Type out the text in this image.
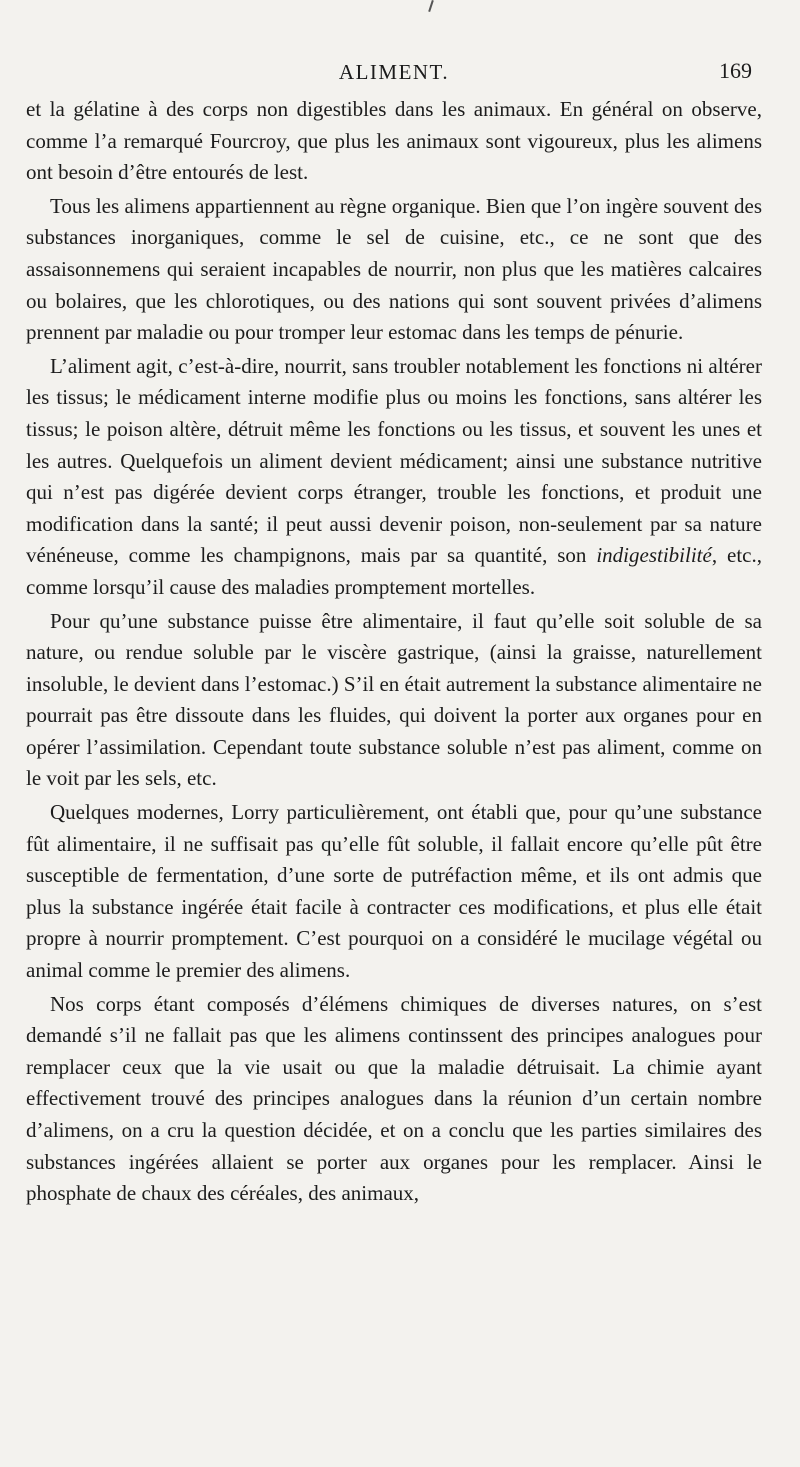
ALIMENT.	169

et la gélatine à des corps non digestibles dans les animaux. En général on observe, comme l’a remarqué Fourcroy, que plus les animaux sont vigoureux, plus les alimens ont besoin d’être entourés de lest.

Tous les alimens appartiennent au règne organique. Bien que l’on ingère souvent des substances inorganiques, comme le sel de cuisine, etc., ce ne sont que des assaisonnemens qui seraient incapables de nourrir, non plus que les matières calcaires ou bolaires, que les chlorotiques, ou des nations qui sont souvent privées d’alimens prennent par maladie ou pour tromper leur estomac dans les temps de pénurie.

L’aliment agit, c’est-à-dire, nourrit, sans troubler notablement les fonctions ni altérer les tissus; le médicament interne modifie plus ou moins les fonctions, sans altérer les tissus; le poison altère, détruit même les fonctions ou les tissus, et souvent les unes et les autres. Quelquefois un aliment devient médicament; ainsi une substance nutritive qui n’est pas digérée devient corps étranger, trouble les fonctions, et produit une modification dans la santé; il peut aussi devenir poison, non-seulement par sa nature vénéneuse, comme les champignons, mais par sa quantité, son indigestibilité, etc., comme lorsqu’il cause des maladies promptement mortelles.

Pour qu’une substance puisse être alimentaire, il faut qu’elle soit soluble de sa nature, ou rendue soluble par le viscère gastrique, (ainsi la graisse, naturellement insoluble, le devient dans l’estomac.) S’il en était autrement la substance alimentaire ne pourrait pas être dissoute dans les fluides, qui doivent la porter aux organes pour en opérer l’assimilation. Cependant toute substance soluble n’est pas aliment, comme on le voit par les sels, etc.

Quelques modernes, Lorry particulièrement, ont établi que, pour qu’une substance fût alimentaire, il ne suffisait pas qu’elle fût soluble, il fallait encore qu’elle pût être susceptible de fermentation, d’une sorte de putréfaction même, et ils ont admis que plus la substance ingérée était facile à contracter ces modifications, et plus elle était propre à nourrir promptement. C’est pourquoi on a considéré le mucilage végétal ou animal comme le premier des alimens.

Nos corps étant composés d’élémens chimiques de diverses natures, on s’est demandé s’il ne fallait pas que les alimens continssent des principes analogues pour remplacer ceux que la vie usait ou que la maladie détruisait. La chimie ayant effectivement trouvé des principes analogues dans la réunion d’un certain nombre d’alimens, on a cru la question décidée, et on a conclu que les parties similaires des substances ingérées allaient se porter aux organes pour les remplacer. Ainsi le phosphate de chaux des céréales, des animaux,
